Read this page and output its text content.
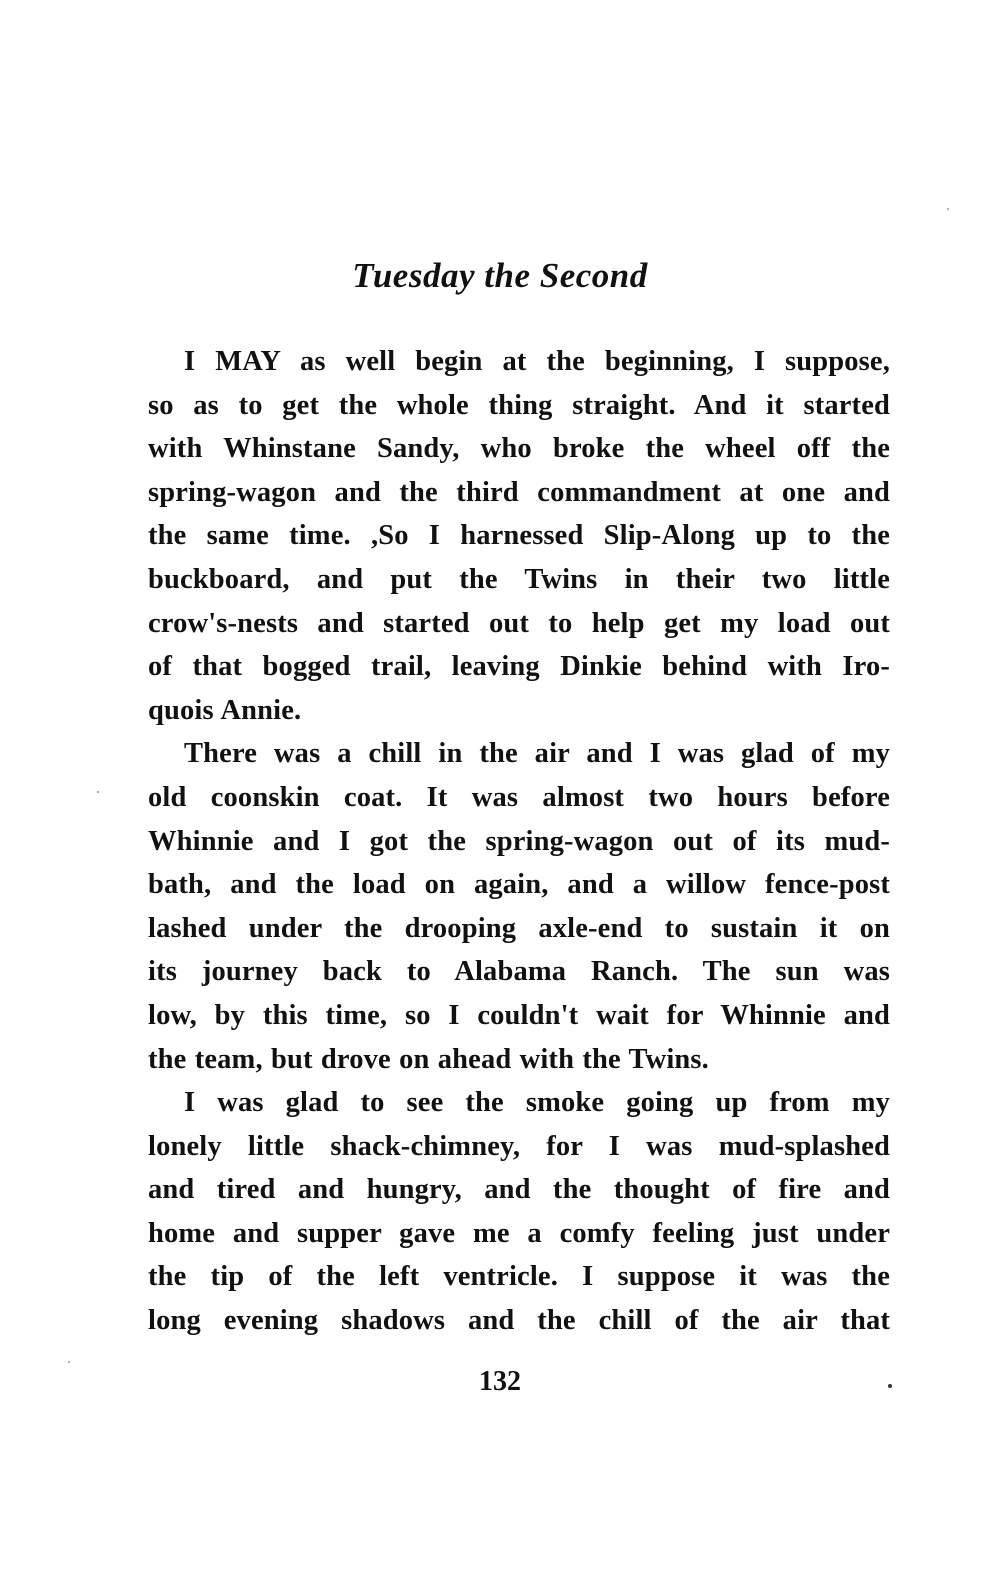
Tuesday the Second
I MAY as well begin at the beginning, I suppose,
so as to get the whole thing straight. And it started
with Whinstane Sandy, who broke the wheel off the
spring-wagon and the third commandment at one and
the same time. ,So I harnessed Slip-Along up to the
buckboard, and put the Twins in their two little
crow's-nests and started out to help get my load out
of that bogged trail, leaving Dinkie behind with Iro-
quois Annie.
There was a chill in the air and I was glad of my
old coonskin coat. It was almost two hours before
Whinnie and I got the spring-wagon out of its mud-
bath, and the load on again, and a willow fence-post
lashed under the drooping axle-end to sustain it on
its journey back to Alabama Ranch. The sun was
low, by this time, so I couldn't wait for Whinnie and
the team, but drove on ahead with the Twins.
I was glad to see the smoke going up from my
lonely little shack-chimney, for I was mud-splashed
and tired and hungry, and the thought of fire and
home and supper gave me a comfy feeling just under
the tip of the left ventricle. I suppose it was the
long evening shadows and the chill of the air that
132
